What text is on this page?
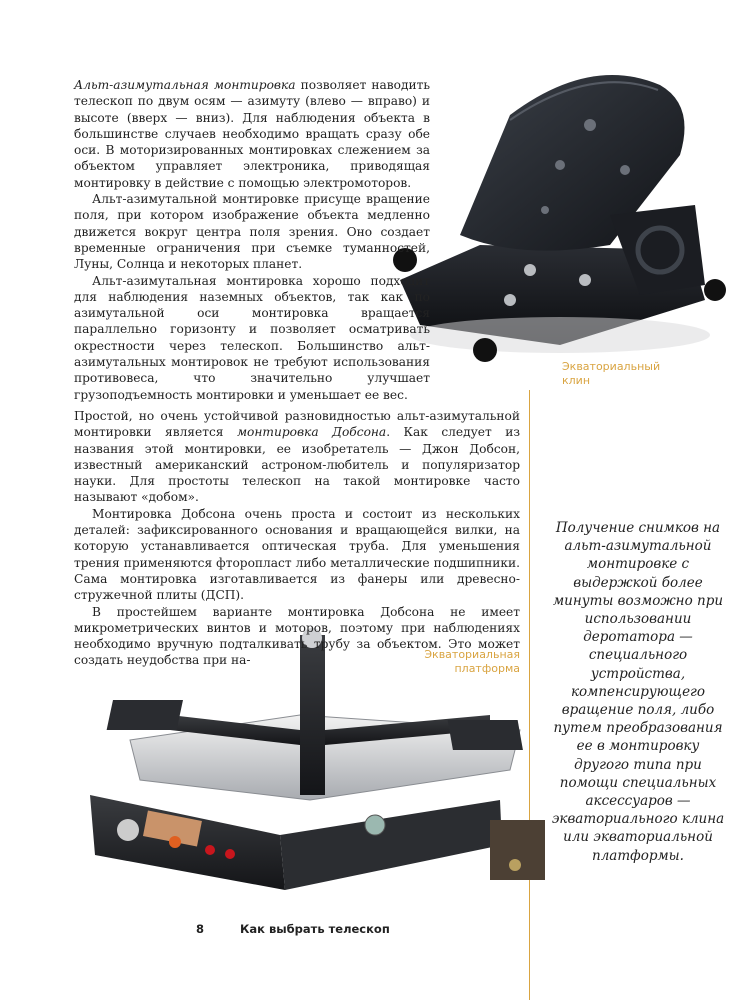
Альт-азимутальная монтировка позволяет наводить телескоп по двум осям — азимуту (влево — вправо) и высоте (вверх — вниз). Для наблюдения объекта в большинстве случаев необходимо вращать сразу обе оси. В моторизированных монтировках слежением за объектом управляет электроника, приводящая монтировку в действие с помощью электромоторов.

Альт-азимутальной монтировке присуще вращение поля, при котором изображение объекта медленно движется вокруг центра поля зрения. Оно создает временные ограничения при съемке туманностей, Луны, Солнца и некоторых планет.

Альт-азимутальная монтировка хорошо подходит для наблюдения наземных объектов, так как по азимутальной оси монтировка вращается параллельно горизонту и позволяет осматривать окрестности через телескоп. Большинство альт-азимутальных монтировок не требуют использования противовеса, что значительно улучшает грузоподъемность монтировки и уменьшает ее вес.

Экваториальный клин

Простой, но очень устойчивой разновидностью альт-азимутальной монтировки является монтировка Добсона. Как следует из названия этой монтировки, ее изобретатель — Джон Добсон, известный американский астроном-любитель и популяризатор науки. Для простоты телескоп на такой монтировке часто называют «добом».

Монтировка Добсона очень проста и состоит из нескольких деталей: зафиксированного основания и вращающейся вилки, на которую устанавливается оптическая труба. Для уменьшения трения применяются фторопласт либо металлические подшипники. Сама монтировка изготавливается из фанеры или древесно-стружечной плиты (ДСП).

В простейшем варианте монтировка Добсона не имеет микрометрических винтов и моторов, поэтому при наблюдениях необходимо вручную подталкивать трубу за объектом. Это может создать неудобства при на-	Экваториальная платформа
Получение снимков на альт-азимутальной монтировке с выдержкой более минуты возможно при использовании деротатора — специального устройства, компенсирующего вращение поля, либо путем преобразования ее в монтировку другого типа при помощи специальных аксессуаров — экваториального клина или экваториальной платформы.
8	Как выбрать телескоп
